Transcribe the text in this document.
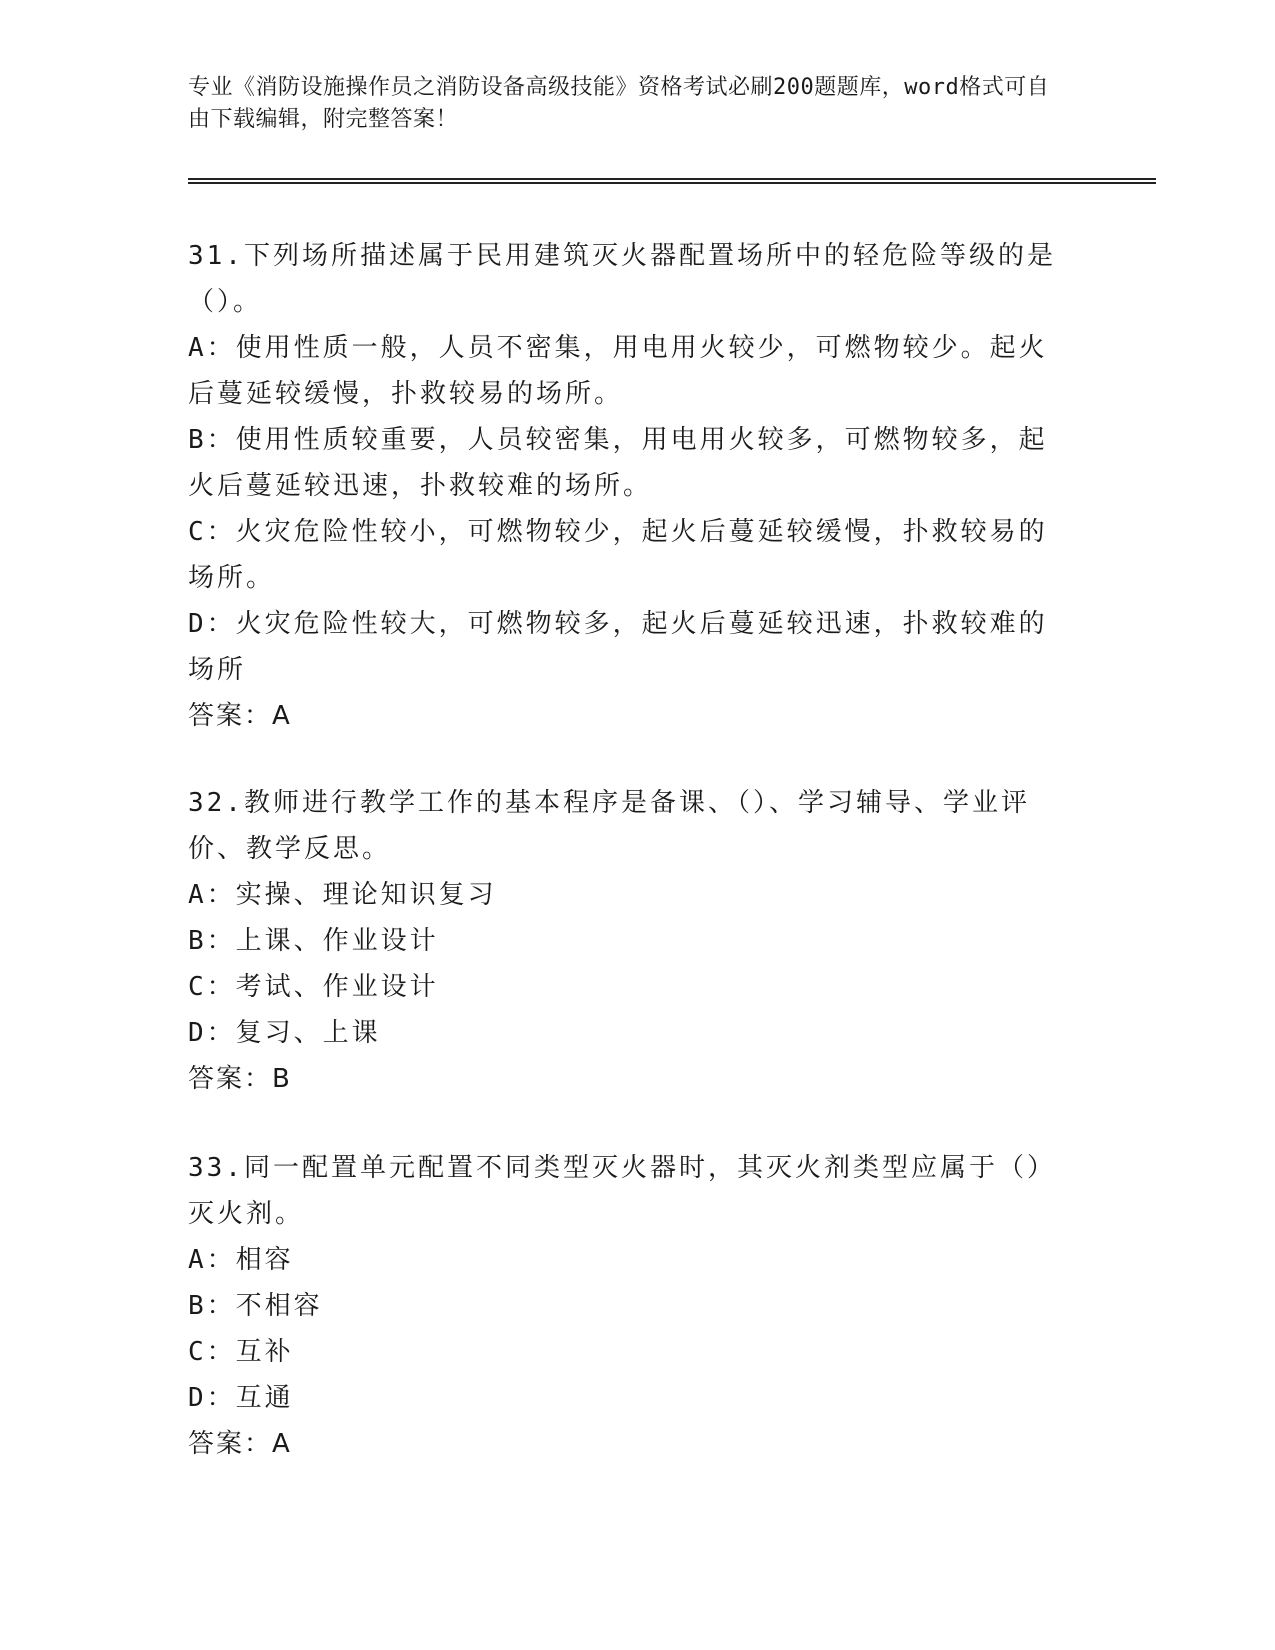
专业《消防设施操作员之消防设备高级技能》资格考试必刷200题题库，word格式可自由下载编辑，附完整答案！

31.下列场所描述属于民用建筑灭火器配置场所中的轻危险等级的是（）。

A：使用性质一般，人员不密集，用电用火较少，可燃物较少。起火后蔓延较缓慢，扑救较易的场所。

B：使用性质较重要，人员较密集，用电用火较多，可燃物较多，起火后蔓延较迅速，扑救较难的场所。

C：火灾危险性较小，可燃物较少，起火后蔓延较缓慢，扑救较易的场所。

D：火灾危险性较大，可燃物较多，起火后蔓延较迅速，扑救较难的场所

答案：A

32.教师进行教学工作的基本程序是备课、（）、学习辅导、学业评价、教学反思。

A：实操、理论知识复习

B：上课、作业设计

C：考试、作业设计

D：复习、上课

答案：B

33.同一配置单元配置不同类型灭火器时，其灭火剂类型应属于（）灭火剂。

A：相容

B：不相容

C：互补

D：互通

答案：A
